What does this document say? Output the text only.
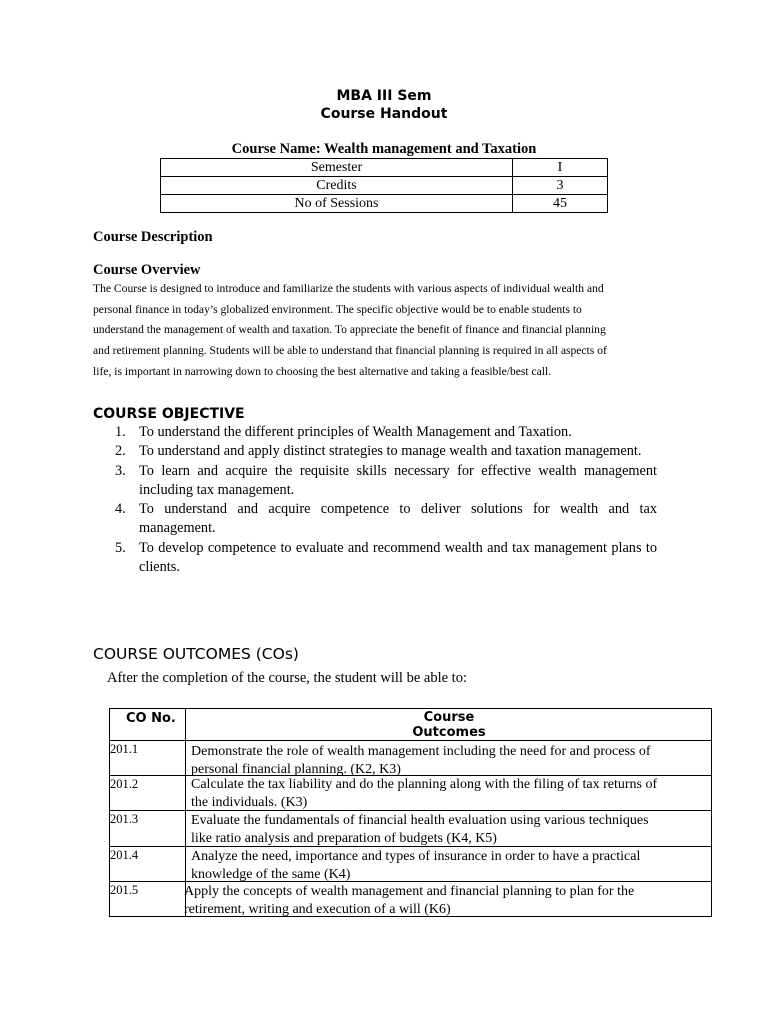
MBA III Sem
Course Handout
Course Name: Wealth management and Taxation
Semester	I
Credits	3
No of Sessions	45
Course Description
Course Overview
The Course is designed to introduce and familiarize the students with various aspects of individual wealth and
personal finance in today’s globalized environment. The specific objective would be to enable students to
understand the management of wealth and taxation. To appreciate the benefit of finance and financial planning
and retirement planning. Students will be able to understand that financial planning is required in all aspects of
life, is important in narrowing down to choosing the best alternative and taking a feasible/best call.
COURSE OBJECTIVE
1. To understand the different principles of Wealth Management and Taxation.
2. To understand and apply distinct strategies to manage wealth and taxation management.
3. To learn and acquire the requisite skills necessary for effective wealth management including tax management.
4. To understand and acquire competence to deliver solutions for wealth and tax management.
5. To develop competence to evaluate and recommend wealth and tax management plans to clients.
COURSE OUTCOMES (COs)
After the completion of the course, the student will be able to:
CO No.	Course
Outcomes
201.1	Demonstrate the role of wealth management including the need for and process of
personal financial planning. (K2, K3)
201.2	Calculate the tax liability and do the planning along with the filing of tax returns of
the individuals. (K3)
201.3	Evaluate the fundamentals of financial health evaluation using various techniques
like ratio analysis and preparation of budgets (K4, K5)
201.4	Analyze the need, importance and types of insurance in order to have a practical
knowledge of the same (K4)
201.5	Apply the concepts of wealth management and financial planning to plan for the
retirement, writing and execution of a will (K6)
